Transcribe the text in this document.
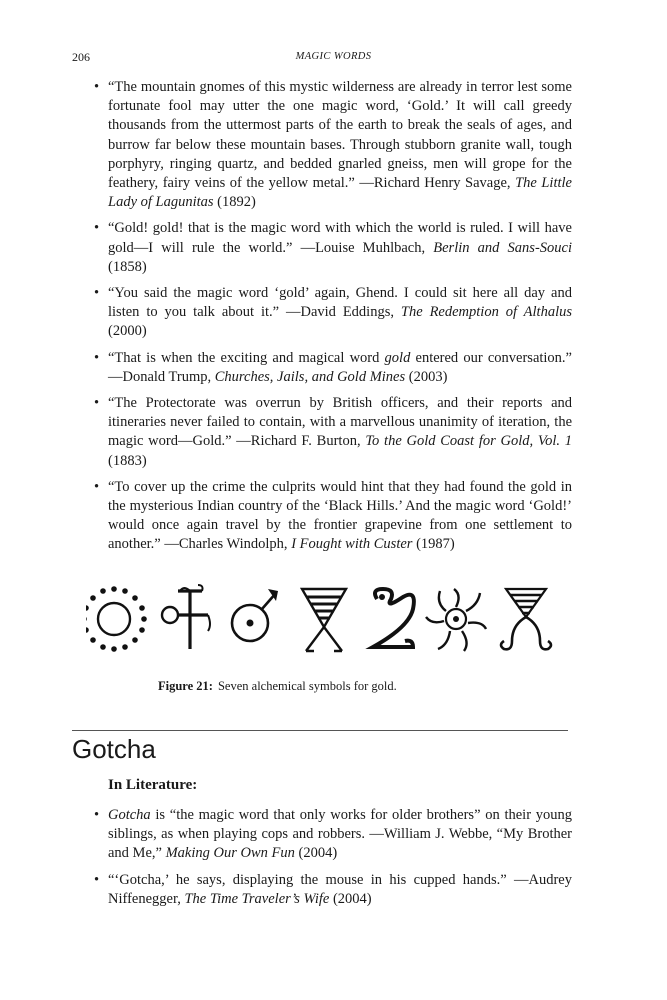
206	MAGIC WORDS
• “The mountain gnomes of this mystic wilderness are already in terror lest some fortunate fool may utter the one magic word, ‘Gold.’ It will call greedy thousands from the uttermost parts of the earth to break the seals of ages, and burrow far below these mountain bases. Through stubborn granite wall, tough porphyry, ringing quartz, and bedded gnarled gneiss, men will grope for the feathery, fairy veins of the yellow metal.” —Richard Henry Savage, The Little Lady of Lagunitas (1892)
• “Gold! gold! that is the magic word with which the world is ruled. I will have gold—I will rule the world.” —Louise Muhlbach, Berlin and Sans-Souci (1858)
• “You said the magic word ‘gold’ again, Ghend. I could sit here all day and listen to you talk about it.” —David Eddings, The Redemption of Althalus (2000)
• “That is when the exciting and magical word gold entered our conversation.” —Donald Trump, Churches, Jails, and Gold Mines (2003)
• “The Protectorate was overrun by British officers, and their reports and itineraries never failed to contain, with a marvellous unanimity of iteration, the magic word—Gold.” —Richard F. Burton, To the Gold Coast for Gold, Vol. 1 (1883)
• “To cover up the crime the culprits would hint that they had found the gold in the mysterious Indian country of the ‘Black Hills.’ And the magic word ‘Gold!’ would once again travel by the frontier grapevine from one settlement to another.” —Charles Windolph, I Fought with Custer (1987)
Figure 21: Seven alchemical symbols for gold.
Gotcha
In Literature:
• Gotcha is “the magic word that only works for older brothers” on their young siblings, as when playing cops and robbers. —William J. Webbe, “My Brother and Me,” Making Our Own Fun (2004)
• “‘Gotcha,’ he says, displaying the mouse in his cupped hands.” —Audrey Niffenegger, The Time Traveler’s Wife (2004)
